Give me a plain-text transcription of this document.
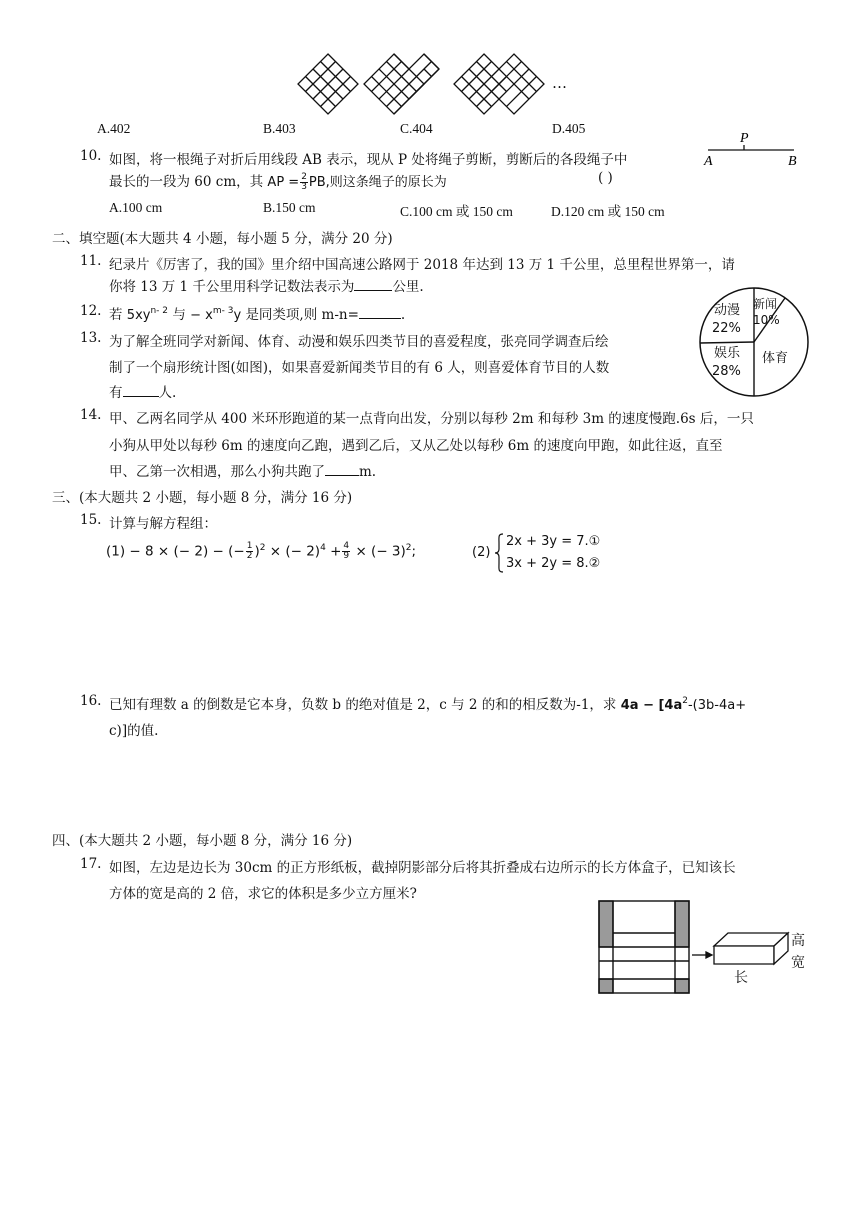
…
A.402	B.403	C.404	D.405
10. 如图，将一根绳子对折后用线段 AB 表示，现从 P 处将绳子剪断，剪断后的各段绳子中
最长的一段为 60 cm，其 AP = $\frac{2}{3}$ PB,则这条绳子的原长为	( )
P
A	B
A.100 cm	B.150 cm	C.100 cm 或 150 cm	D.120 cm 或 150 cm
二、填空题(本大题共 4 小题，每小题 5 分，满分 20 分)
11. 纪录片《厉害了，我的国》里介绍中国高速公路网于 2018 年达到 13 万 1 千公里，总里程世界第一，请
你将 13 万 1 千公里用科学记数法表示为	公里.
12. 若 $5xy^{n- 2}$ 与 − $x^{m- 3}y$ 是同类项,则 m-n=	.
新闻
10%
体育
娱乐
28%
动漫
22%
13. 为了解全班同学对新闻、体育、动漫和娱乐四类节目的喜爱程度，张亮同学调查后绘
制了一个扇形统计图(如图)，如果喜爱新闻类节目的有 6 人，则喜爱体育节目的人数
有	人.
14. 甲、乙两名同学从 400 米环形跑道的某一点背向出发，分别以每秒 2m 和每秒 3m 的速度慢跑.6s 后，一只
小狗从甲处以每秒 6m 的速度向乙跑，遇到乙后，又从乙处以每秒 6m 的速度向甲跑，如此往返，直至
甲、乙第一次相遇，那么小狗共跑了	m.
三、(本大题共 2 小题，每小题 8 分，满分 16 分)
15. 计算与解方程组：
(1) − 8 × (− 2) − (− $\frac{1}{2} )^2$ × (− $2)^4 + \frac{4}{9}$ × (− 3)$^2$;	(2)
2x + 3y = 7.①
3x + 2y = 8.②
16. 已知有理数 a 的倒数是它本身，负数 b 的绝对值是 2，c 与 2 的和的相反数为-1，求 $4a - [4a^2-(3b-4a+$
c)]的值.
四、(本大题共 2 小题，每小题 8 分，满分 16 分)
17. 如图，左边是边长为 30cm 的正方形纸板，截掉阴影部分后将其折叠成右边所示的长方体盒子，已知该长
方体的宽是高的 2 倍，求它的体积是多少立方厘米?
高
宽
长
